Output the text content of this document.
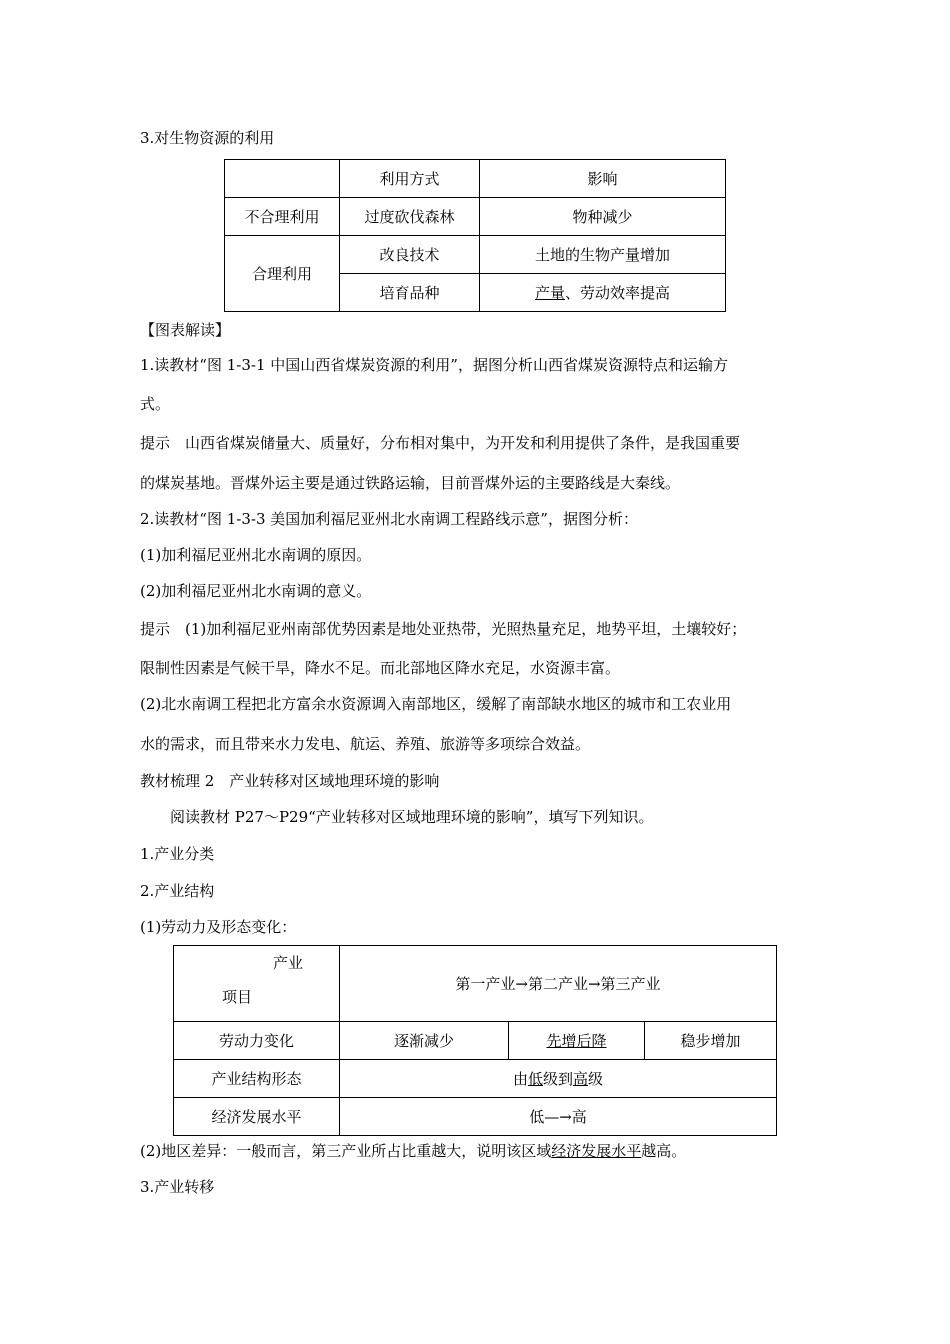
3.对生物资源的利用
	利用方式	影响
不合理利用	过度砍伐森林	物种减少
合理利用	改良技术	土地的生物产量增加
	培育品种	产量、劳动效率提高
【图表解读】
1.读教材“图 1-3-1 中国山西省煤炭资源的利用”，据图分析山西省煤炭资源特点和运输方
式。
提示　山西省煤炭储量大、质量好，分布相对集中，为开发和利用提供了条件，是我国重要
的煤炭基地。晋煤外运主要是通过铁路运输，目前晋煤外运的主要路线是大秦线。
2.读教材“图 1-3-3 美国加利福尼亚州北水南调工程路线示意”，据图分析：
(1)加利福尼亚州北水南调的原因。
(2)加利福尼亚州北水南调的意义。
提示　(1)加利福尼亚州南部优势因素是地处亚热带，光照热量充足，地势平坦，土壤较好；
限制性因素是气候干旱，降水不足。而北部地区降水充足，水资源丰富。
(2)北水南调工程把北方富余水资源调入南部地区，缓解了南部缺水地区的城市和工农业用
水的需求，而且带来水力发电、航运、养殖、旅游等多项综合效益。
教材梳理 2　产业转移对区域地理环境的影响
阅读教材 P27～P29“产业转移对区域地理环境的影响”，填写下列知识。
1.产业分类
2.产业结构
(1)劳动力及形态变化：
产业
项目	第一产业→第二产业→第三产业		
劳动力变化	逐渐减少	先增后降	稳步增加
产业结构形态	由低级到高级		
经济发展水平	低—→高		
(2)地区差异：一般而言，第三产业所占比重越大，说明该区域经济发展水平越高。
3.产业转移
